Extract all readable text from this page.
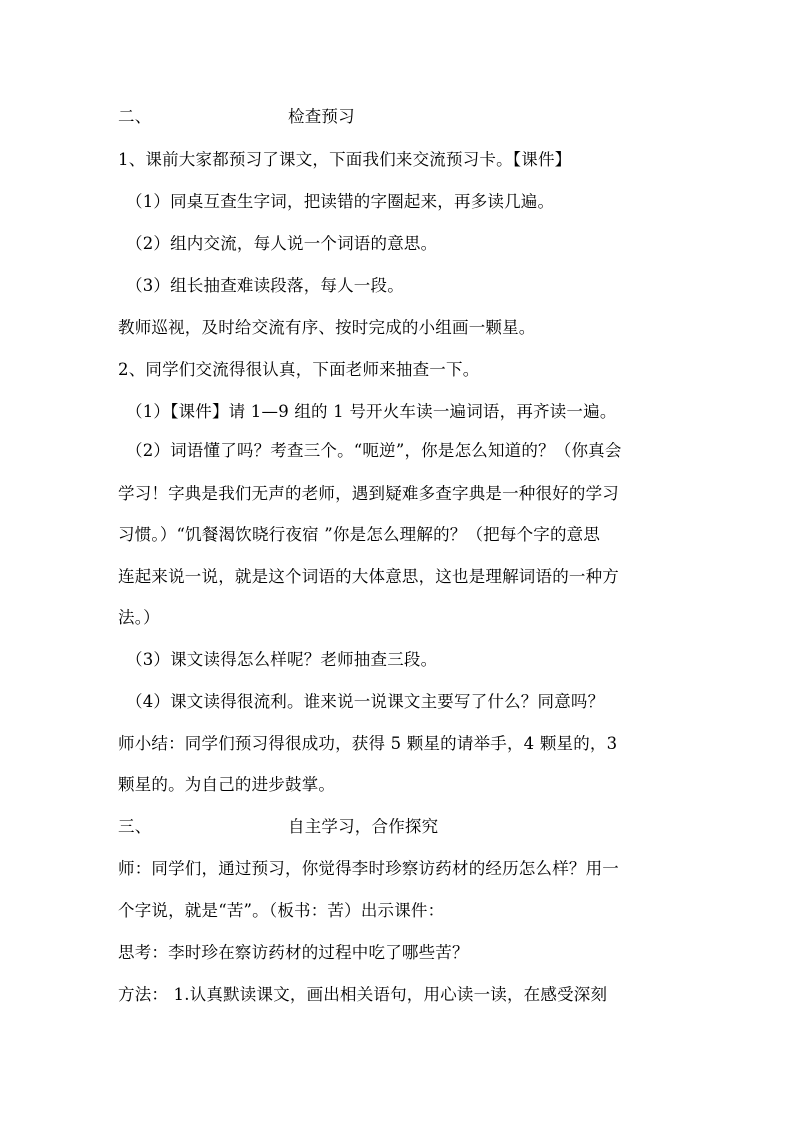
二、	检查预习
1、课前大家都预习了课文，下面我们来交流预习卡。【课件】
（1）同桌互查生字词，把读错的字圈起来，再多读几遍。
（2）组内交流，每人说一个词语的意思。
（3）组长抽查难读段落，每人一段。
教师巡视，及时给交流有序、按时完成的小组画一颗星。
2、同学们交流得很认真，下面老师来抽查一下。
（1）【课件】请 1—9 组的 1 号开火车读一遍词语，再齐读一遍。
（2）词语懂了吗？考查三个。“呃逆”，你是怎么知道的？（你真会
学习！字典是我们无声的老师，遇到疑难多查字典是一种很好的学习
习惯。）“饥餐渴饮晓行夜宿 ”你是怎么理解的？（把每个字的意思
连起来说一说，就是这个词语的大体意思，这也是理解词语的一种方
法。）
（3）课文读得怎么样呢？老师抽查三段。
（4）课文读得很流利。谁来说一说课文主要写了什么？同意吗？
师小结：同学们预习得很成功，获得 5 颗星的请举手，4 颗星的，3
颗星的。为自己的进步鼓掌。
三、	自主学习，合作探究
师：同学们，通过预习，你觉得李时珍察访药材的经历怎么样？用一
个字说，就是“苦”。（板书：苦）出示课件：
思考：李时珍在察访药材的过程中吃了哪些苦？
方法： 1.认真默读课文，画出相关语句，用心读一读，在感受深刻
